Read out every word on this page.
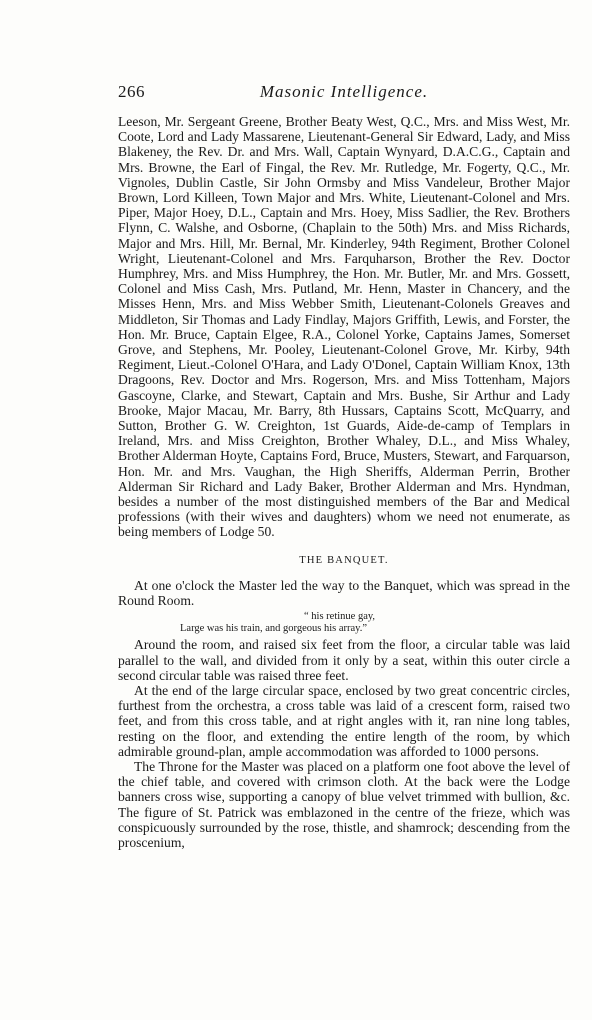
266	Masonic Intelligence.

Leeson, Mr. Sergeant Greene, Brother Beaty West, Q.C., Mrs. and Miss West, Mr. Coote, Lord and Lady Massarene, Lieutenant-General Sir Edward, Lady, and Miss Blakeney, the Rev. Dr. and Mrs. Wall, Captain Wynyard, D.A.C.G., Captain and Mrs. Browne, the Earl of Fingal, the Rev. Mr. Rutledge, Mr. Fogerty, Q.C., Mr. Vignoles, Dublin Castle, Sir John Ormsby and Miss Vandeleur, Brother Major Brown, Lord Killeen, Town Major and Mrs. White, Lieutenant-Colonel and Mrs. Piper, Major Hoey, D.L., Captain and Mrs. Hoey, Miss Sadlier, the Rev. Brothers Flynn, C. Walshe, and Osborne, (Chaplain to the 50th) Mrs. and Miss Richards, Major and Mrs. Hill, Mr. Bernal, Mr. Kinderley, 94th Regiment, Brother Colonel Wright, Lieutenant-Colonel and Mrs. Farquharson, Brother the Rev. Doctor Humphrey, Mrs. and Miss Humphrey, the Hon. Mr. Butler, Mr. and Mrs. Gossett, Colonel and Miss Cash, Mrs. Putland, Mr. Henn, Master in Chancery, and the Misses Henn, Mrs. and Miss Webber Smith, Lieutenant-Colonels Greaves and Middleton, Sir Thomas and Lady Findlay, Majors Griffith, Lewis, and Forster, the Hon. Mr. Bruce, Captain Elgee, R.A., Colonel Yorke, Captains James, Somerset Grove, and Stephens, Mr. Pooley, Lieutenant-Colonel Grove, Mr. Kirby, 94th Regiment, Lieut.-Colonel O'Hara, and Lady O'Donel, Captain William Knox, 13th Dragoons, Rev. Doctor and Mrs. Rogerson, Mrs. and Miss Tottenham, Majors Gascoyne, Clarke, and Stewart, Captain and Mrs. Bushe, Sir Arthur and Lady Brooke, Major Macau, Mr. Barry, 8th Hussars, Captains Scott, McQuarry, and Sutton, Brother G. W. Creighton, 1st Guards, Aide-de-camp of Templars in Ireland, Mrs. and Miss Creighton, Brother Whaley, D.L., and Miss Whaley, Brother Alderman Hoyte, Captains Ford, Bruce, Musters, Stewart, and Farquarson, Hon. Mr. and Mrs. Vaughan, the High Sheriffs, Alderman Perrin, Brother Alderman Sir Richard and Lady Baker, Brother Alderman and Mrs. Hyndman, besides a number of the most distinguished members of the Bar and Medical professions (with their wives and daughters) whom we need not enumerate, as being members of Lodge 50.

THE BANQUET.

At one o'clock the Master led the way to the Banquet, which was spread in the Round Room.

“ his retinue gay,
Large was his train, and gorgeous his array.”

Around the room, and raised six feet from the floor, a circular table was laid parallel to the wall, and divided from it only by a seat, within this outer circle a second circular table was raised three feet.

At the end of the large circular space, enclosed by two great concentric circles, furthest from the orchestra, a cross table was laid of a crescent form, raised two feet, and from this cross table, and at right angles with it, ran nine long tables, resting on the floor, and extending the entire length of the room, by which admirable ground-plan, ample accommodation was afforded to 1000 persons.

The Throne for the Master was placed on a platform one foot above the level of the chief table, and covered with crimson cloth. At the back were the Lodge banners cross wise, supporting a canopy of blue velvet trimmed with bullion, &c. The figure of St. Patrick was emblazoned in the centre of the frieze, which was conspicuously surrounded by the rose, thistle, and shamrock; descending from the proscenium,
